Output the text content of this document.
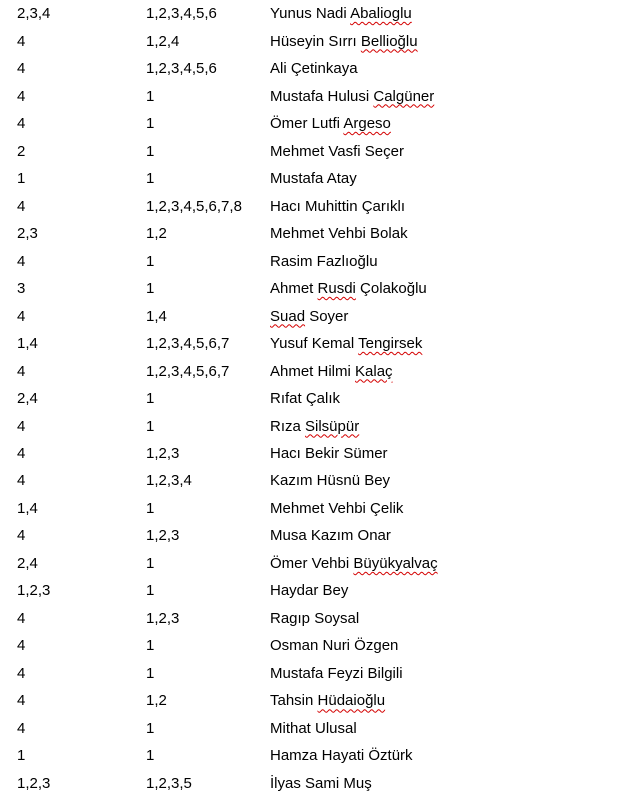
2,3,4	1,2,3,4,5,6	Yunus Nadi Abalioglu
4	1,2,4	Hüseyin Sırrı Bellioğlu
4	1,2,3,4,5,6	Ali Çetinkaya
4	1	Mustafa Hulusi Calgüner
4	1	Ömer Lutfi Argeso
2	1	Mehmet Vasfi Seçer
1	1	Mustafa Atay
4	1,2,3,4,5,6,7,8	Hacı Muhittin Çarıklı
2,3	1,2	Mehmet Vehbi Bolak
4	1	Rasim Fazlıoğlu
3	1	Ahmet Rusdi Çolakoğlu
4	1,4	Suad Soyer
1,4	1,2,3,4,5,6,7	Yusuf Kemal Tengirsek
4	1,2,3,4,5,6,7	Ahmet Hilmi Kalaç
2,4	1	Rıfat Çalık
4	1	Rıza Silsüpür
4	1,2,3	Hacı Bekir Sümer
4	1,2,3,4	Kazım Hüsnü Bey
1,4	1	Mehmet Vehbi Çelik
4	1,2,3	Musa Kazım Onar
2,4	1	Ömer Vehbi Büyükyalvaç
1,2,3	1	Haydar Bey
4	1,2,3	Ragıp Soysal
4	1	Osman Nuri Özgen
4	1	Mustafa Feyzi Bilgili
4	1,2	Tahsin Hüdaioğlu
4	1	Mithat Ulusal
1	1	Hamza Hayati Öztürk
1,2,3	1,2,3,5	İlyas Sami Muş
